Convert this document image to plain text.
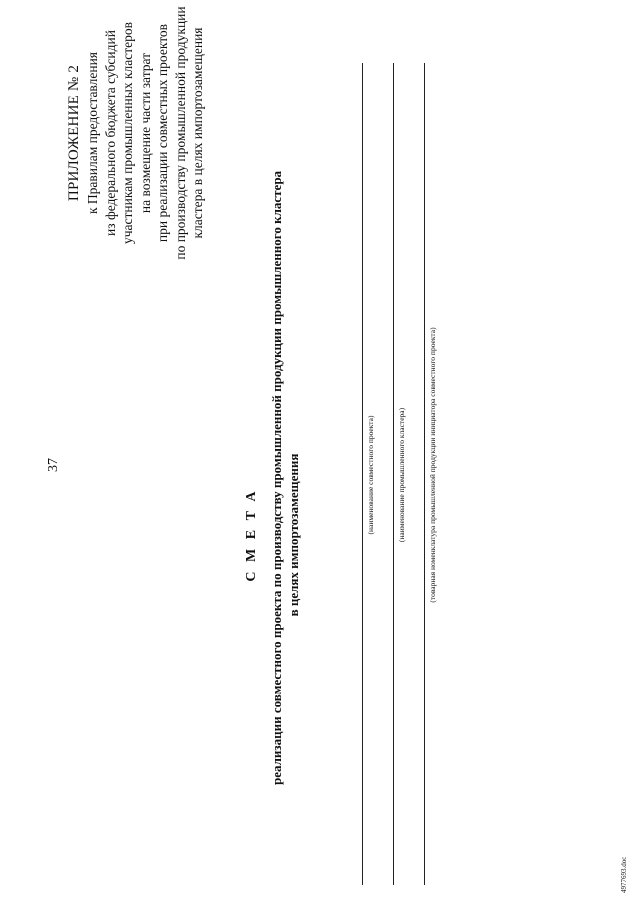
37
ПРИЛОЖЕНИЕ № 2 к Правилам предоставления из федерального бюджета субсидий участникам промышленных кластеров на возмещение части затрат при реализации совместных проектов по производству промышленной продукции кластера в целях импортозамещения
С М Е Т А реализации совместного проекта по производству промышленной продукции промышленного кластера в целях импортозамещения	(наименование совместного проекта)	(наименование промышленного кластера)	(товарная номенклатура промышленной продукции инициатора совместного проекта)
4977693.doc
